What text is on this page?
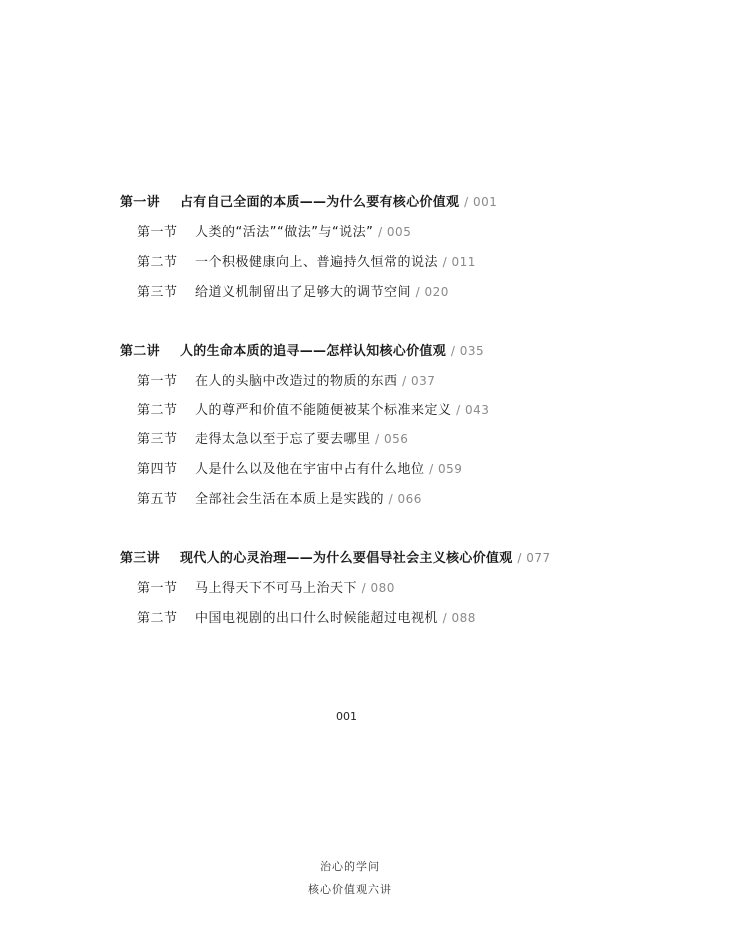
第一讲 占有自己全面的本质——为什么要有核心价值观 / 001
第一节 人类的“活法”“做法”与“说法” / 005
第二节 一个积极健康向上、普遍持久恒常的说法 / 011
第三节 给道义机制留出了足够大的调节空间 / 020
第二讲 人的生命本质的追寻——怎样认知核心价值观 / 035
第一节 在人的头脑中改造过的物质的东西 / 037
第二节 人的尊严和价值不能随便被某个标准来定义 / 043
第三节 走得太急以至于忘了要去哪里 / 056
第四节 人是什么以及他在宇宙中占有什么地位 / 059
第五节 全部社会生活在本质上是实践的 / 066
第三讲 现代人的心灵治理——为什么要倡导社会主义核心价值观 / 077
第一节 马上得天下不可马上治天下 / 080
第二节 中国电视剧的出口什么时候能超过电视机 / 088
001
治心的学问
核心价值观六讲
